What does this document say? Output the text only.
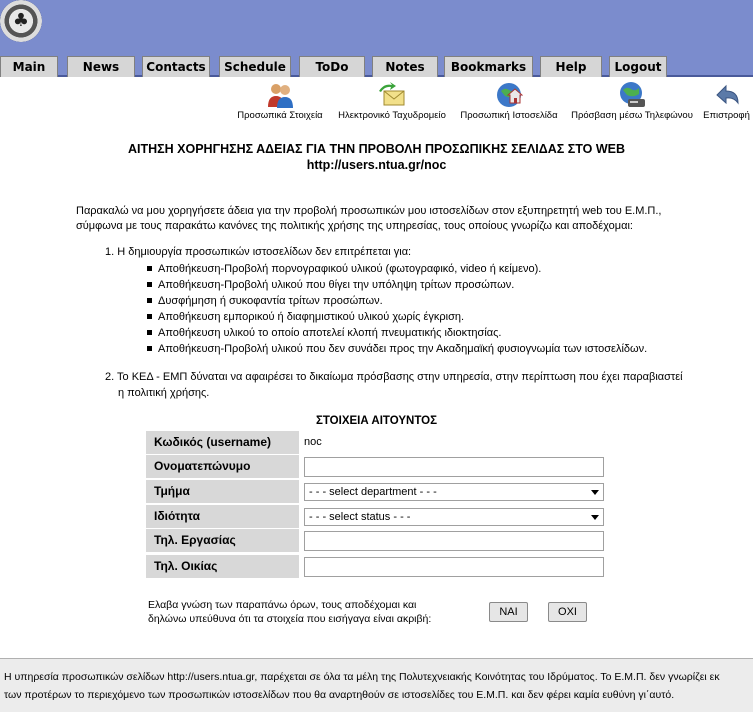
♣
Main	News	Contacts	Schedule	ToDo	Notes	Bookmarks	Help	Logout
Προσωπικά Στοιχεία	Ηλεκτρονικό Ταχυδρομείο	Προσωπική Ιστοσελίδα	Πρόσβαση μέσω Τηλεφώνου	Επιστροφή
ΑΙΤΗΣΗ ΧΟΡΗΓΗΣΗΣ ΑΔΕΙΑΣ ΓΙΑ ΤΗΝ ΠΡΟΒΟΛΗ ΠΡΟΣΩΠΙΚΗΣ ΣΕΛΙΔΑΣ ΣΤΟ WEB
http://users.ntua.gr/noc
Παρακαλώ να μου χορηγήσετε άδεια για την προβολή προσωπικών μου ιστοσελίδων στον εξυπηρετητή web του Ε.Μ.Π.,
σύμφωνα με τους παρακάτω κανόνες της πολιτικής χρήσης της υπηρεσίας, τους οποίους γνωρίζω και αποδέχομαι:
1. Η δημιουργία προσωπικών ιστοσελίδων δεν επιτρέπεται για:
Αποθήκευση-Προβολή πορνογραφικού υλικού (φωτογραφικό, video ή κείμενο).
Αποθήκευση-Προβολή υλικού που θίγει την υπόληψη τρίτων προσώπων.
Δυσφήμηση ή συκοφαντία τρίτων προσώπων.
Αποθήκευση εμπορικού ή διαφημιστικού υλικού χωρίς έγκριση.
Αποθήκευση υλικού το οποίο αποτελεί κλοπή πνευματικής ιδιοκτησίας.
Αποθήκευση-Προβολή υλικού που δεν συνάδει προς την Ακαδημαϊκή φυσιογνωμία των ιστοσελίδων.
2. Το ΚΕΔ - ΕΜΠ δύναται να αφαιρέσει το δικαίωμα πρόσβασης στην υπηρεσία, στην περίπτωση που έχει παραβιαστεί
η πολιτική χρήσης.
ΣΤΟΙΧΕΙΑ ΑΙΤΟΥΝΤΟΣ
Κωδικός (username)	noc
Ονοματεπώνυμο
Τμήμα	- - - select department - - -
Ιδιότητα	- - - select status - - -
Τηλ. Εργασίας
Τηλ. Οικίας
Ελαβα γνώση των παραπάνω όρων, τους αποδέχομαι και
δηλώνω υπεύθυνα ότι τα στοιχεία που εισήγαγα είναι ακριβή:
ΝΑΙ	ΟΧΙ
Η υπηρεσία προσωπικών σελίδων http://users.ntua.gr, παρέχεται σε όλα τα μέλη της Πολυτεχνειακής Κοινότητας του Ιδρύματος. Το Ε.Μ.Π. δεν γνωρίζει εκ
των προτέρων το περιεχόμενο των προσωπικών ιστοσελίδων που θα αναρτηθούν σε ιστοσελίδες του Ε.Μ.Π. και δεν φέρει καμία ευθύνη γι΄αυτό.
